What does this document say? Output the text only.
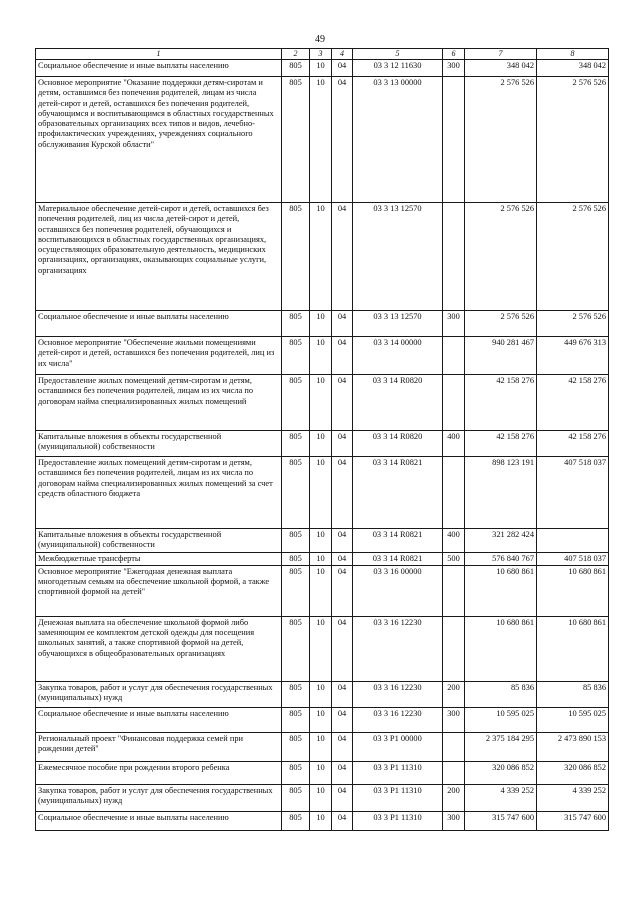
49
1	2	3	4	5	6	7	8
Социальное обеспечение и иные выплаты населению	805	10	04	03 3 12 11630	300	348 042	348 042
Основное мероприятие "Оказание поддержки детям-сиротам и детям, оставшимся без попечения родителей, лицам из числа детей-сирот и детей, оставшихся без попечения родителей, обучающимся и воспитывающимся в областных государственных образовательных организациях всех типов и видов, лечебно-профилактических учреждениях, учреждениях социального обслуживания Курской области"	805	10	04	03 3 13 00000		2 576 526	2 576 526
Материальное обеспечение детей-сирот и детей, оставшихся без попечения родителей, лиц из числа детей-сирот и детей, оставшихся без попечения родителей, обучающихся и воспитывающихся в областных государственных организациях, осуществляющих образовательную деятельность, медицинских организациях, организациях, оказывающих социальные услуги, организациях	805	10	04	03 3 13 12570		2 576 526	2 576 526
Социальное обеспечение и иные выплаты населению	805	10	04	03 3 13 12570	300	2 576 526	2 576 526
Основное мероприятие "Обеспечение жильми помещениями детей-сирот и детей, оставшихся без попечения родителей, лиц из их числа"	805	10	04	03 3 14 00000		940 281 467	449 676 313
Предоставление жилых помещений детям-сиротам и детям, оставшимся без попечения родителей, лицам из их числа по договорам найма специализированных жилых помещений	805	10	04	03 3 14 R0820		42 158 276	42 158 276
Капитальные вложения в объекты государственной (муниципальной) собственности	805	10	04	03 3 14 R0820	400	42 158 276	42 158 276
Предоставление жилых помещений детям-сиротам и детям, оставшимся без попечения родителей, лицам из их числа по договорам найма специализированных жилых помещений за счет средств областного бюджета	805	10	04	03 3 14 R0821		898 123 191	407 518 037
Капитальные вложения в объекты государственной (муниципальной) собственности	805	10	04	03 3 14 R0821	400	321 282 424	
Межбюджетные трансферты	805	10	04	03 3 14 R0821	500	576 840 767	407 518 037
Основное мероприятие "Ежегодная денежная выплата многодетным семьям на обеспечение школьной формой, а также спортивной формой на детей"	805	10	04	03 3 16 00000		10 680 861	10 680 861
Денежная выплата на обеспечение школьной формой либо заменяющим ее комплектом детской одежды для посещения школьных занятий, а также спортивной формой на детей, обучающихся в общеобразовательных организациях	805	10	04	03 3 16 12230		10 680 861	10 680 861
Закупка товаров, работ и услуг для обеспечения государственных (муниципальных) нужд	805	10	04	03 3 16 12230	200	85 836	85 836
Социальное обеспечение и иные выплаты населению	805	10	04	03 3 16 12230	300	10 595 025	10 595 025
Региональный проект "Финансовая поддержка семей при рождении детей"	805	10	04	03 3 P1 00000		2 375 184 295	2 473 890 153
Ежемесячное пособие при рождении второго ребенка	805	10	04	03 3 P1 11310		320 086 852	320 086 852
Закупка товаров, работ и услуг для обеспечения государственных (муниципальных) нужд	805	10	04	03 3 P1 11310	200	4 339 252	4 339 252
Социальное обеспечение и иные выплаты населению	805	10	04	03 3 P1 11310	300	315 747 600	315 747 600
